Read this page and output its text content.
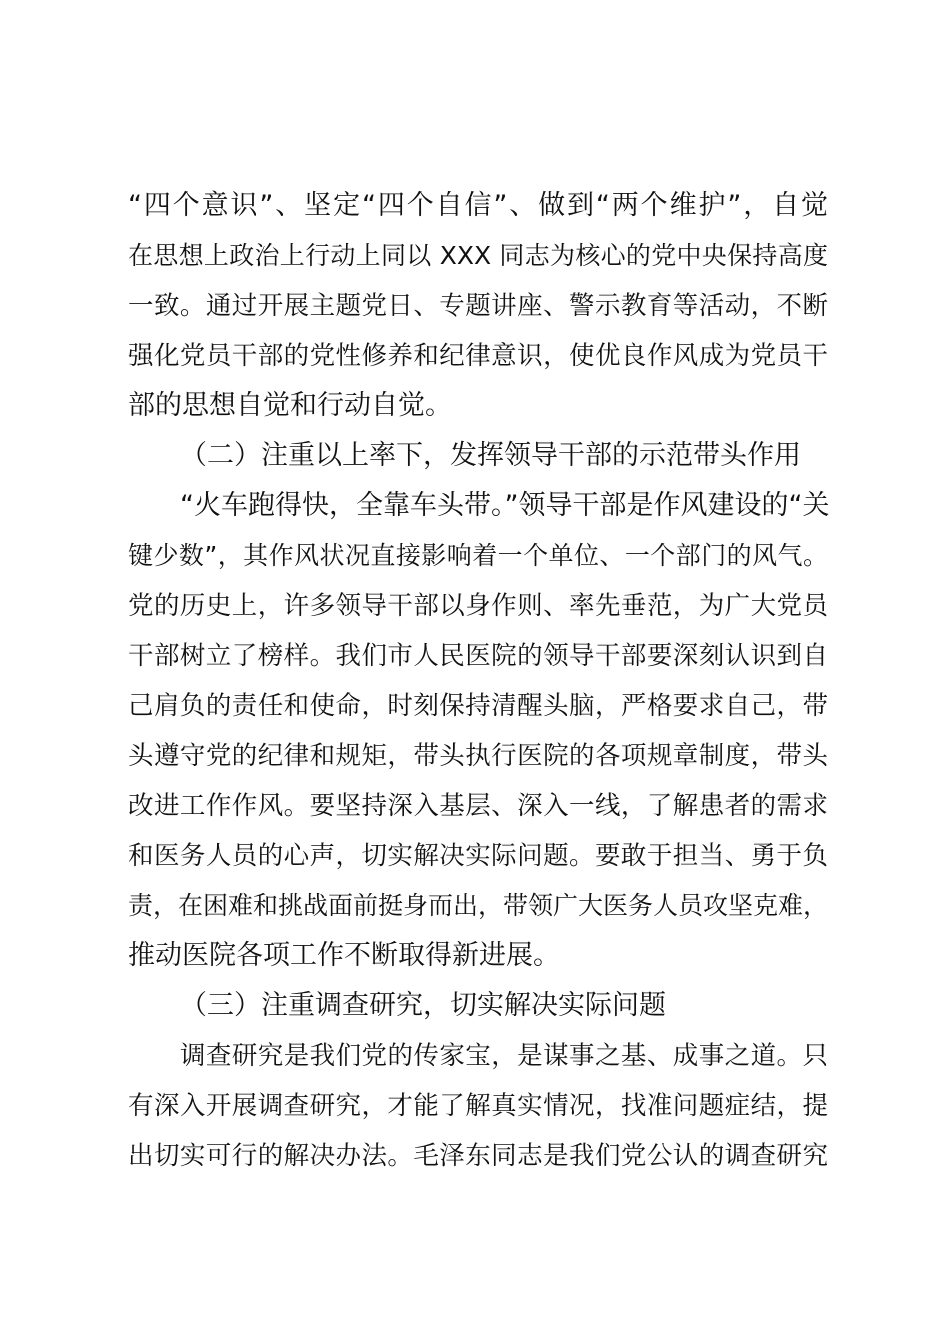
“四个意识”、坚定“四个自信”、做到“两个维护”，自觉
在思想上政治上行动上同以 XXX 同志为核心的党中央保持高度
一致。通过开展主题党日、专题讲座、警示教育等活动，不断
强化党员干部的党性修养和纪律意识，使优良作风成为党员干
部的思想自觉和行动自觉。
（二）注重以上率下，发挥领导干部的示范带头作用
“火车跑得快，全靠车头带。”领导干部是作风建设的“关
键少数”，其作风状况直接影响着一个单位、一个部门的风气。
党的历史上，许多领导干部以身作则、率先垂范，为广大党员
干部树立了榜样。我们市人民医院的领导干部要深刻认识到自
己肩负的责任和使命，时刻保持清醒头脑，严格要求自己，带
头遵守党的纪律和规矩，带头执行医院的各项规章制度，带头
改进工作作风。要坚持深入基层、深入一线，了解患者的需求
和医务人员的心声，切实解决实际问题。要敢于担当、勇于负
责，在困难和挑战面前挺身而出，带领广大医务人员攻坚克难，
推动医院各项工作不断取得新进展。
（三）注重调查研究，切实解决实际问题
调查研究是我们党的传家宝，是谋事之基、成事之道。只
有深入开展调查研究，才能了解真实情况，找准问题症结，提
出切实可行的解决办法。毛泽东同志是我们党公认的调查研究
